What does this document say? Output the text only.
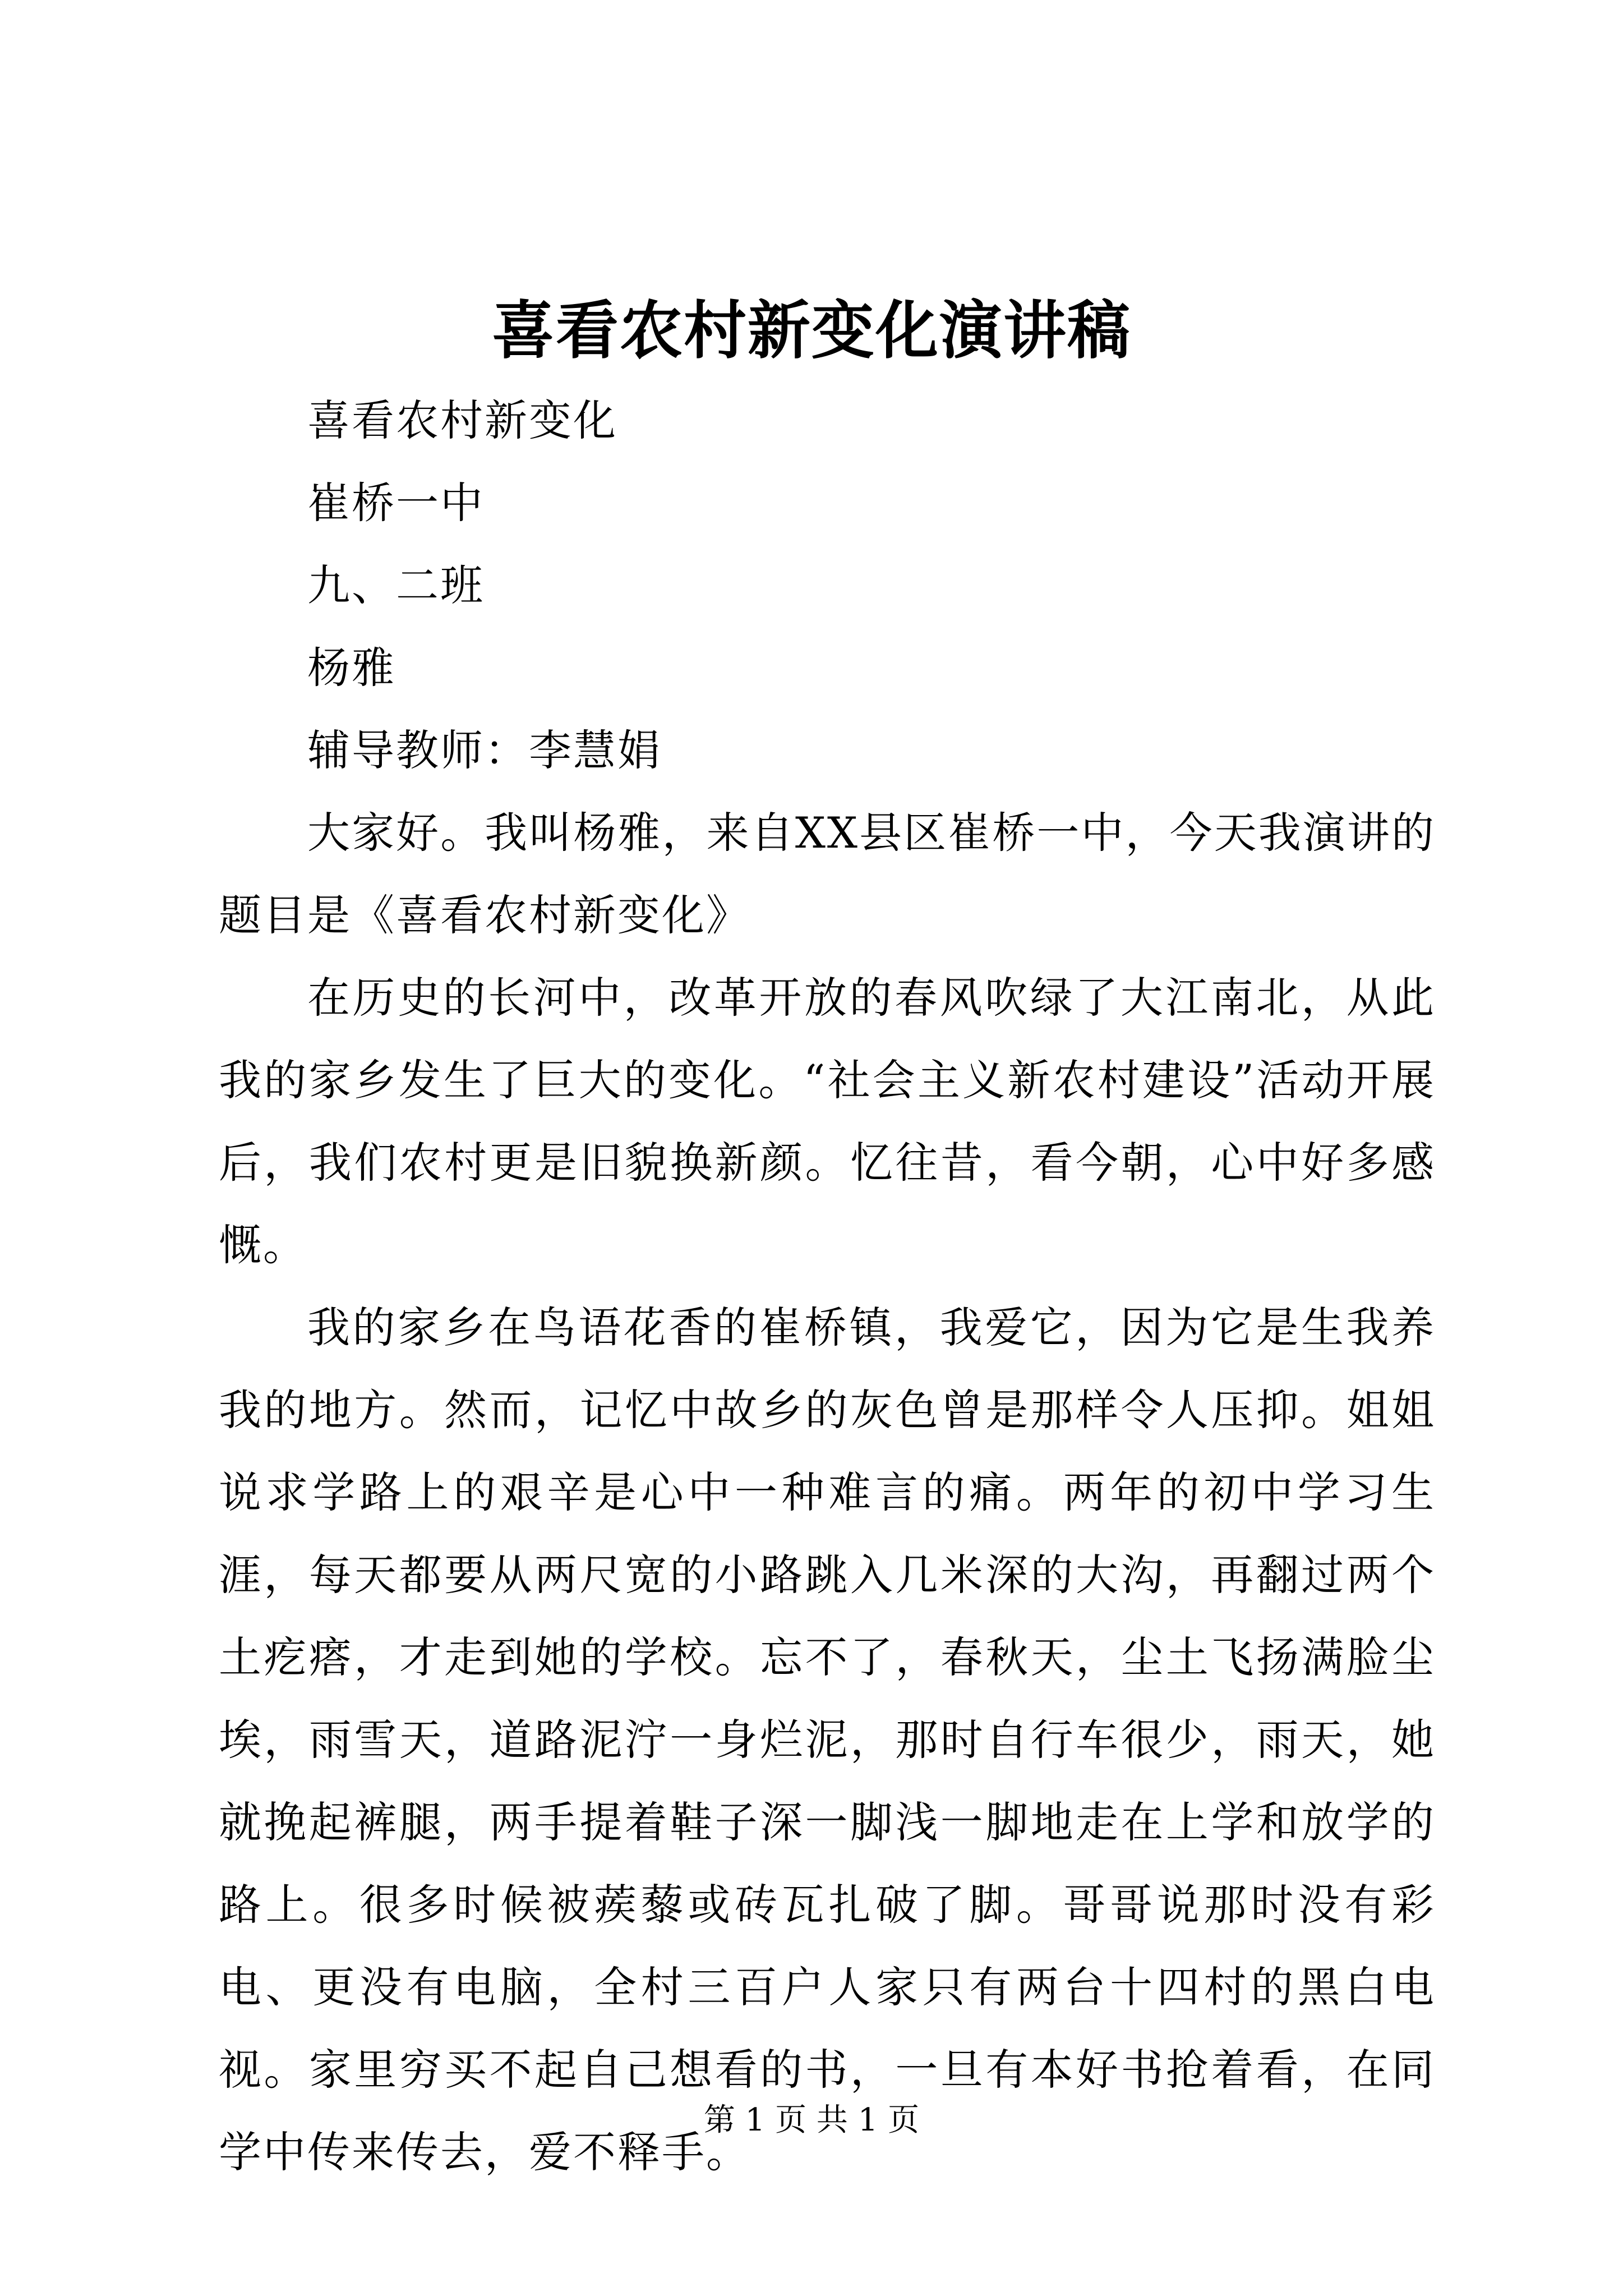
喜看农村新变化演讲稿

喜看农村新变化

崔桥一中

九、二班

杨雅

辅导教师：李慧娟

大家好。我叫杨雅，来自XX县区崔桥一中，今天我演讲的题目是《喜看农村新变化》

在历史的长河中，改革开放的春风吹绿了大江南北，从此我的家乡发生了巨大的变化。“社会主义新农村建设”活动开展后，我们农村更是旧貌换新颜。忆往昔，看今朝，心中好多感慨。

我的家乡在鸟语花香的崔桥镇，我爱它，因为它是生我养我的地方。然而，记忆中故乡的灰色曾是那样令人压抑。姐姐说求学路上的艰辛是心中一种难言的痛。两年的初中学习生涯，每天都要从两尺宽的小路跳入几米深的大沟，再翻过两个土疙瘩，才走到她的学校。忘不了，春秋天，尘土飞扬满脸尘埃，雨雪天，道路泥泞一身烂泥，那时自行车很少，雨天，她就挽起裤腿，两手提着鞋子深一脚浅一脚地走在上学和放学的路上。很多时候被蒺藜或砖瓦扎破了脚。哥哥说那时没有彩电、更没有电脑，全村三百户人家只有两台十四村的黑白电视。家里穷买不起自己想看的书，一旦有本好书抢着看，在同学中传来传去，爱不释手。

第 1 页 共 1 页
